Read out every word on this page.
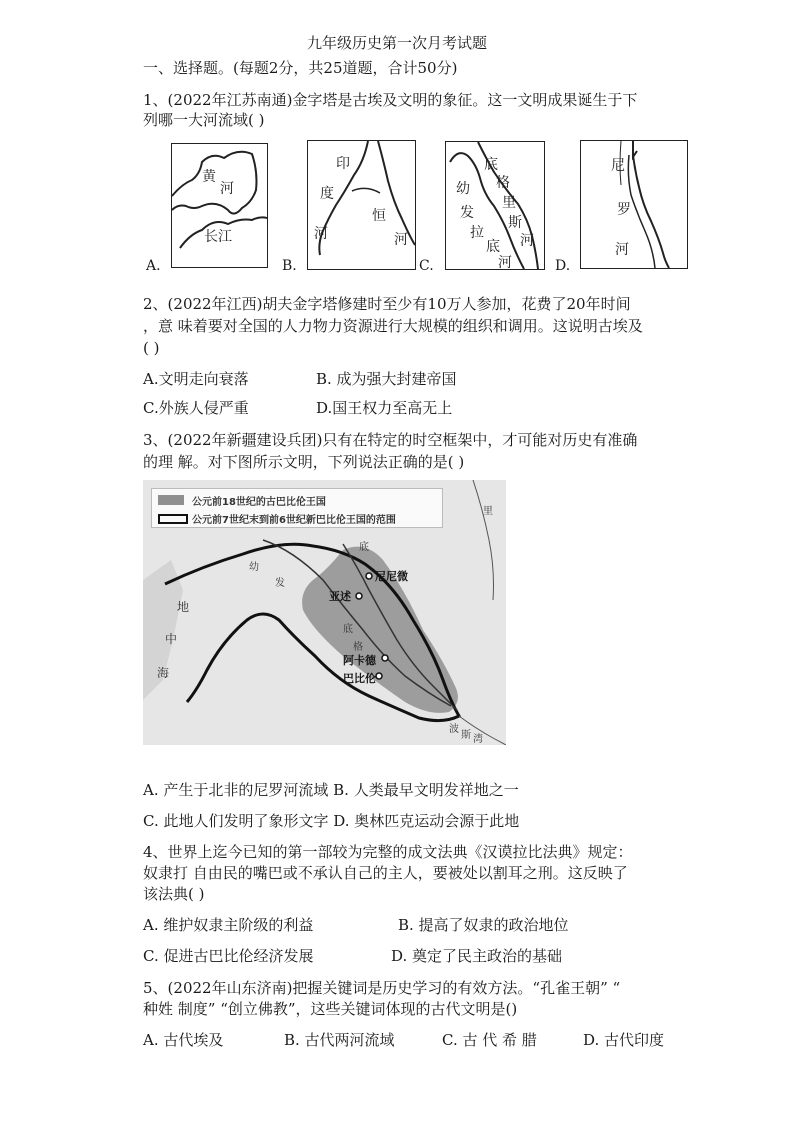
九年级历史第一次月考试题
一、选择题。(每题2分，共25道题，合计50分)
1、(2022年江苏南通)金字塔是古埃及文明的象征。这一文明成果诞生于下
列哪一大河流域( )
黄
河
长江
A.
印
度
河
恒
河
B.
底
格
里
斯
河
幼
发
拉
底
河
C.
尼
罗
河
D.
2、(2022年江西)胡夫金字塔修建时至少有10万人参加，花费了20年时间
，意 味着要对全国的人力物力资源进行大规模的组织和调用。这说明古埃及
( )
A.文明走向衰落	B. 成为强大封建帝国
C.外族人侵严重	D.国王权力至高无上
3、(2022年新疆建设兵团)只有在特定的时空框架中，才可能对历史有准确
的理 解。对下图所示文明，下列说法正确的是( )
公元前18世纪的古巴比伦王国
公元前7世纪末到前6世纪新巴比伦王国的范围
底
幼
发
底
格
地
中
海
里
波
斯 湾
尼尼微
亚述
阿卡德
巴比伦
A. 产生于北非的尼罗河流域 B. 人类最早文明发祥地之一
C. 此地人们发明了象形文字 D. 奥林匹克运动会源于此地
4、世界上迄今已知的第一部较为完整的成文法典《汉谟拉比法典》规定：
奴隶打 自由民的嘴巴或不承认自己的主人，要被处以割耳之刑。这反映了
该法典( )
A. 维护奴隶主阶级的利益	B. 提高了奴隶的政治地位
C. 促进古巴比伦经济发展	D. 奠定了民主政治的基础
5、(2022年山东济南)把握关键词是历史学习的有效方法。“孔雀王朝” “
种姓 制度” “创立佛教”，这些关键词体现的古代文明是()
A. 古代埃及	B. 古代两河流域	C. 古 代 希 腊	D. 古代印度
